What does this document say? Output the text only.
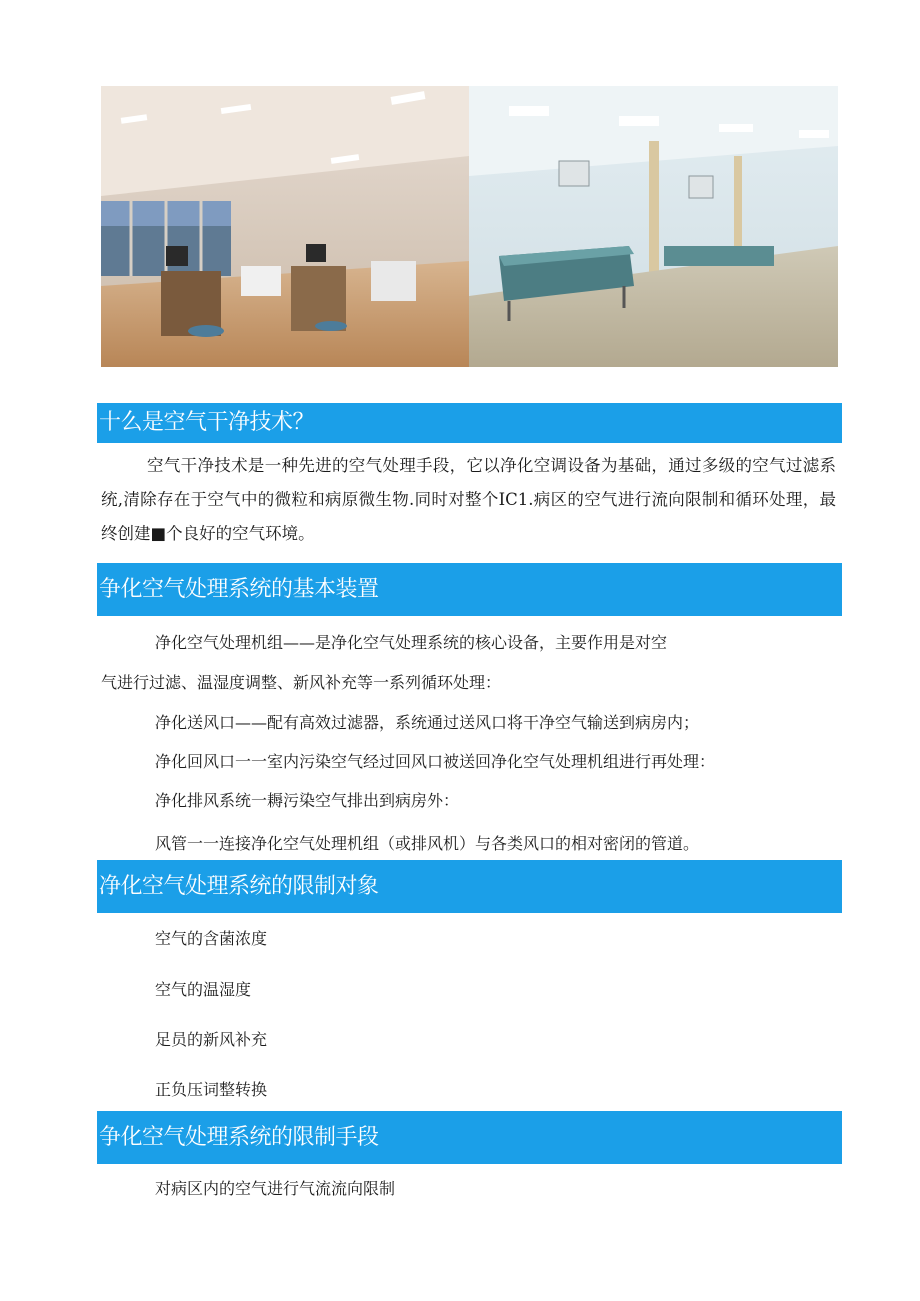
十么是空气干净技术？

空气干净技术是一种先进的空气处理手段，它以净化空调设备为基础，通过多级的空气过滤系统,清除存在于空气中的微粒和病原微生物.同时对整个IC1.病区的空气进行流向限制和循环处理，最终创建■个良好的空气环境。

争化空气处理系统的基本装置

净化空气处理机组——是净化空气处理系统的核心设备，主要作用是对空

气进行过滤、温湿度调整、新风补充等一系列循环处理：

净化送风口——配有高效过滤器，系统通过送风口将干净空气输送到病房内；

净化回风口一一室内污染空气经过回风口被送回净化空气处理机组进行再处理：

净化排风系统一耨污染空气排出到病房外：

风管一一连接净化空气处理机组（或排风机）与各类风口的相对密闭的管道。

净化空气处理系统的限制对象

空气的含菌浓度

空气的温湿度

足员的新风补充

正负压词整转换

争化空气处理系统的限制手段

对病区内的空气进行气流流向限制
